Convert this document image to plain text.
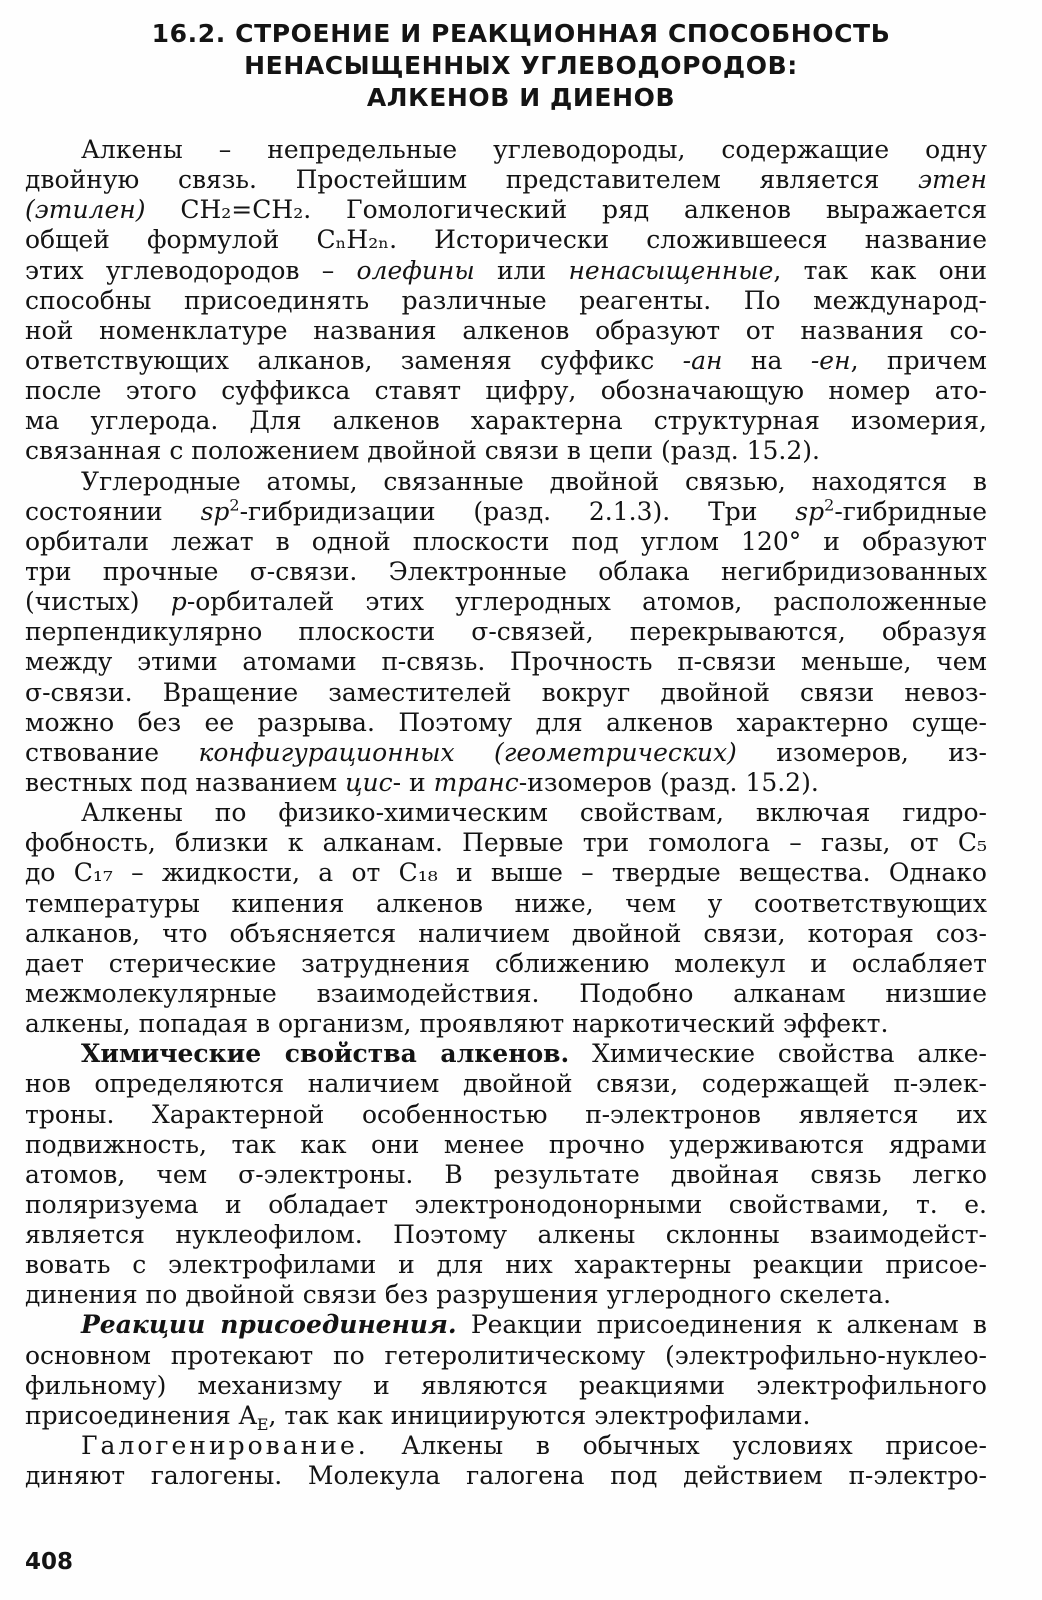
16.2. СТРОЕНИЕ И РЕАКЦИОННАЯ СПОСОБНОСТЬ
НЕНАСЫЩЕННЫХ УГЛЕВОДОРОДОВ:
АЛКЕНОВ И ДИЕНОВ
Алкены – непредельные углеводороды, содержащие одну
двойную связь. Простейшим представителем является этен
(этилен) CH₂=CH₂. Гомологический ряд алкенов выражается
общей формулой CₙH₂ₙ. Исторически сложившееся название
этих углеводородов – олефины или ненасыщенные, так как они
способны присоединять различные реагенты. По международ-
ной номенклатуре названия алкенов образуют от названия со-
ответствующих алканов, заменяя суффикс -ан на -ен, причем
после этого суффикса ставят цифру, обозначающую номер ато-
ма углерода. Для алкенов характерна структурная изомерия,
связанная с положением двойной связи в цепи (разд. 15.2).
Углеродные атомы, связанные двойной связью, находятся в
состоянии $sp^2$-гибридизации (разд. 2.1.3). Три $sp^2$-гибридные
орбитали лежат в одной плоскости под углом 120° и образуют
три прочные σ-связи. Электронные облака негибридизованных
(чистых) p-орбиталей этих углеродных атомов, расположенные
перпендикулярно плоскости σ-связей, перекрываются, образуя
между этими атомами π-связь. Прочность π-связи меньше, чем
σ-связи. Вращение заместителей вокруг двойной связи невоз-
можно без ее разрыва. Поэтому для алкенов характерно суще-
ствование конфигурационных (геометрических) изомеров, из-
вестных под названием цис- и транс-изомеров (разд. 15.2).
Алкены по физико-химическим свойствам, включая гидро-
фобность, близки к алканам. Первые три гомолога – газы, от C₅
до C₁₇ – жидкости, а от C₁₈ и выше – твердые вещества. Однако
температуры кипения алкенов ниже, чем у соответствующих
алканов, что объясняется наличием двойной связи, которая соз-
дает стерические затруднения сближению молекул и ослабляет
межмолекулярные взаимодействия. Подобно алканам низшие
алкены, попадая в организм, проявляют наркотический эффект.
Химические свойства алкенов. Химические свойства алке-
нов определяются наличием двойной связи, содержащей π-элек-
троны. Характерной особенностью π-электронов является их
подвижность, так как они менее прочно удерживаются ядрами
атомов, чем σ-электроны. В результате двойная связь легко
поляризуема и обладает электронодонорными свойствами, т. е.
является нуклеофилом. Поэтому алкены склонны взаимодейст-
вовать с электрофилами и для них характерны реакции присое-
динения по двойной связи без разрушения углеродного скелета.
Реакции присоединения. Реакции присоединения к алкенам в
основном протекают по гетеролитическому (электрофильно-нуклео-
фильному) механизму и являются реакциями электрофильного
присоединения $A_E$, так как инициируются электрофилами.
Галогенирование. Алкены в обычных условиях присое-
диняют галогены. Молекула галогена под действием π-электро-
408
